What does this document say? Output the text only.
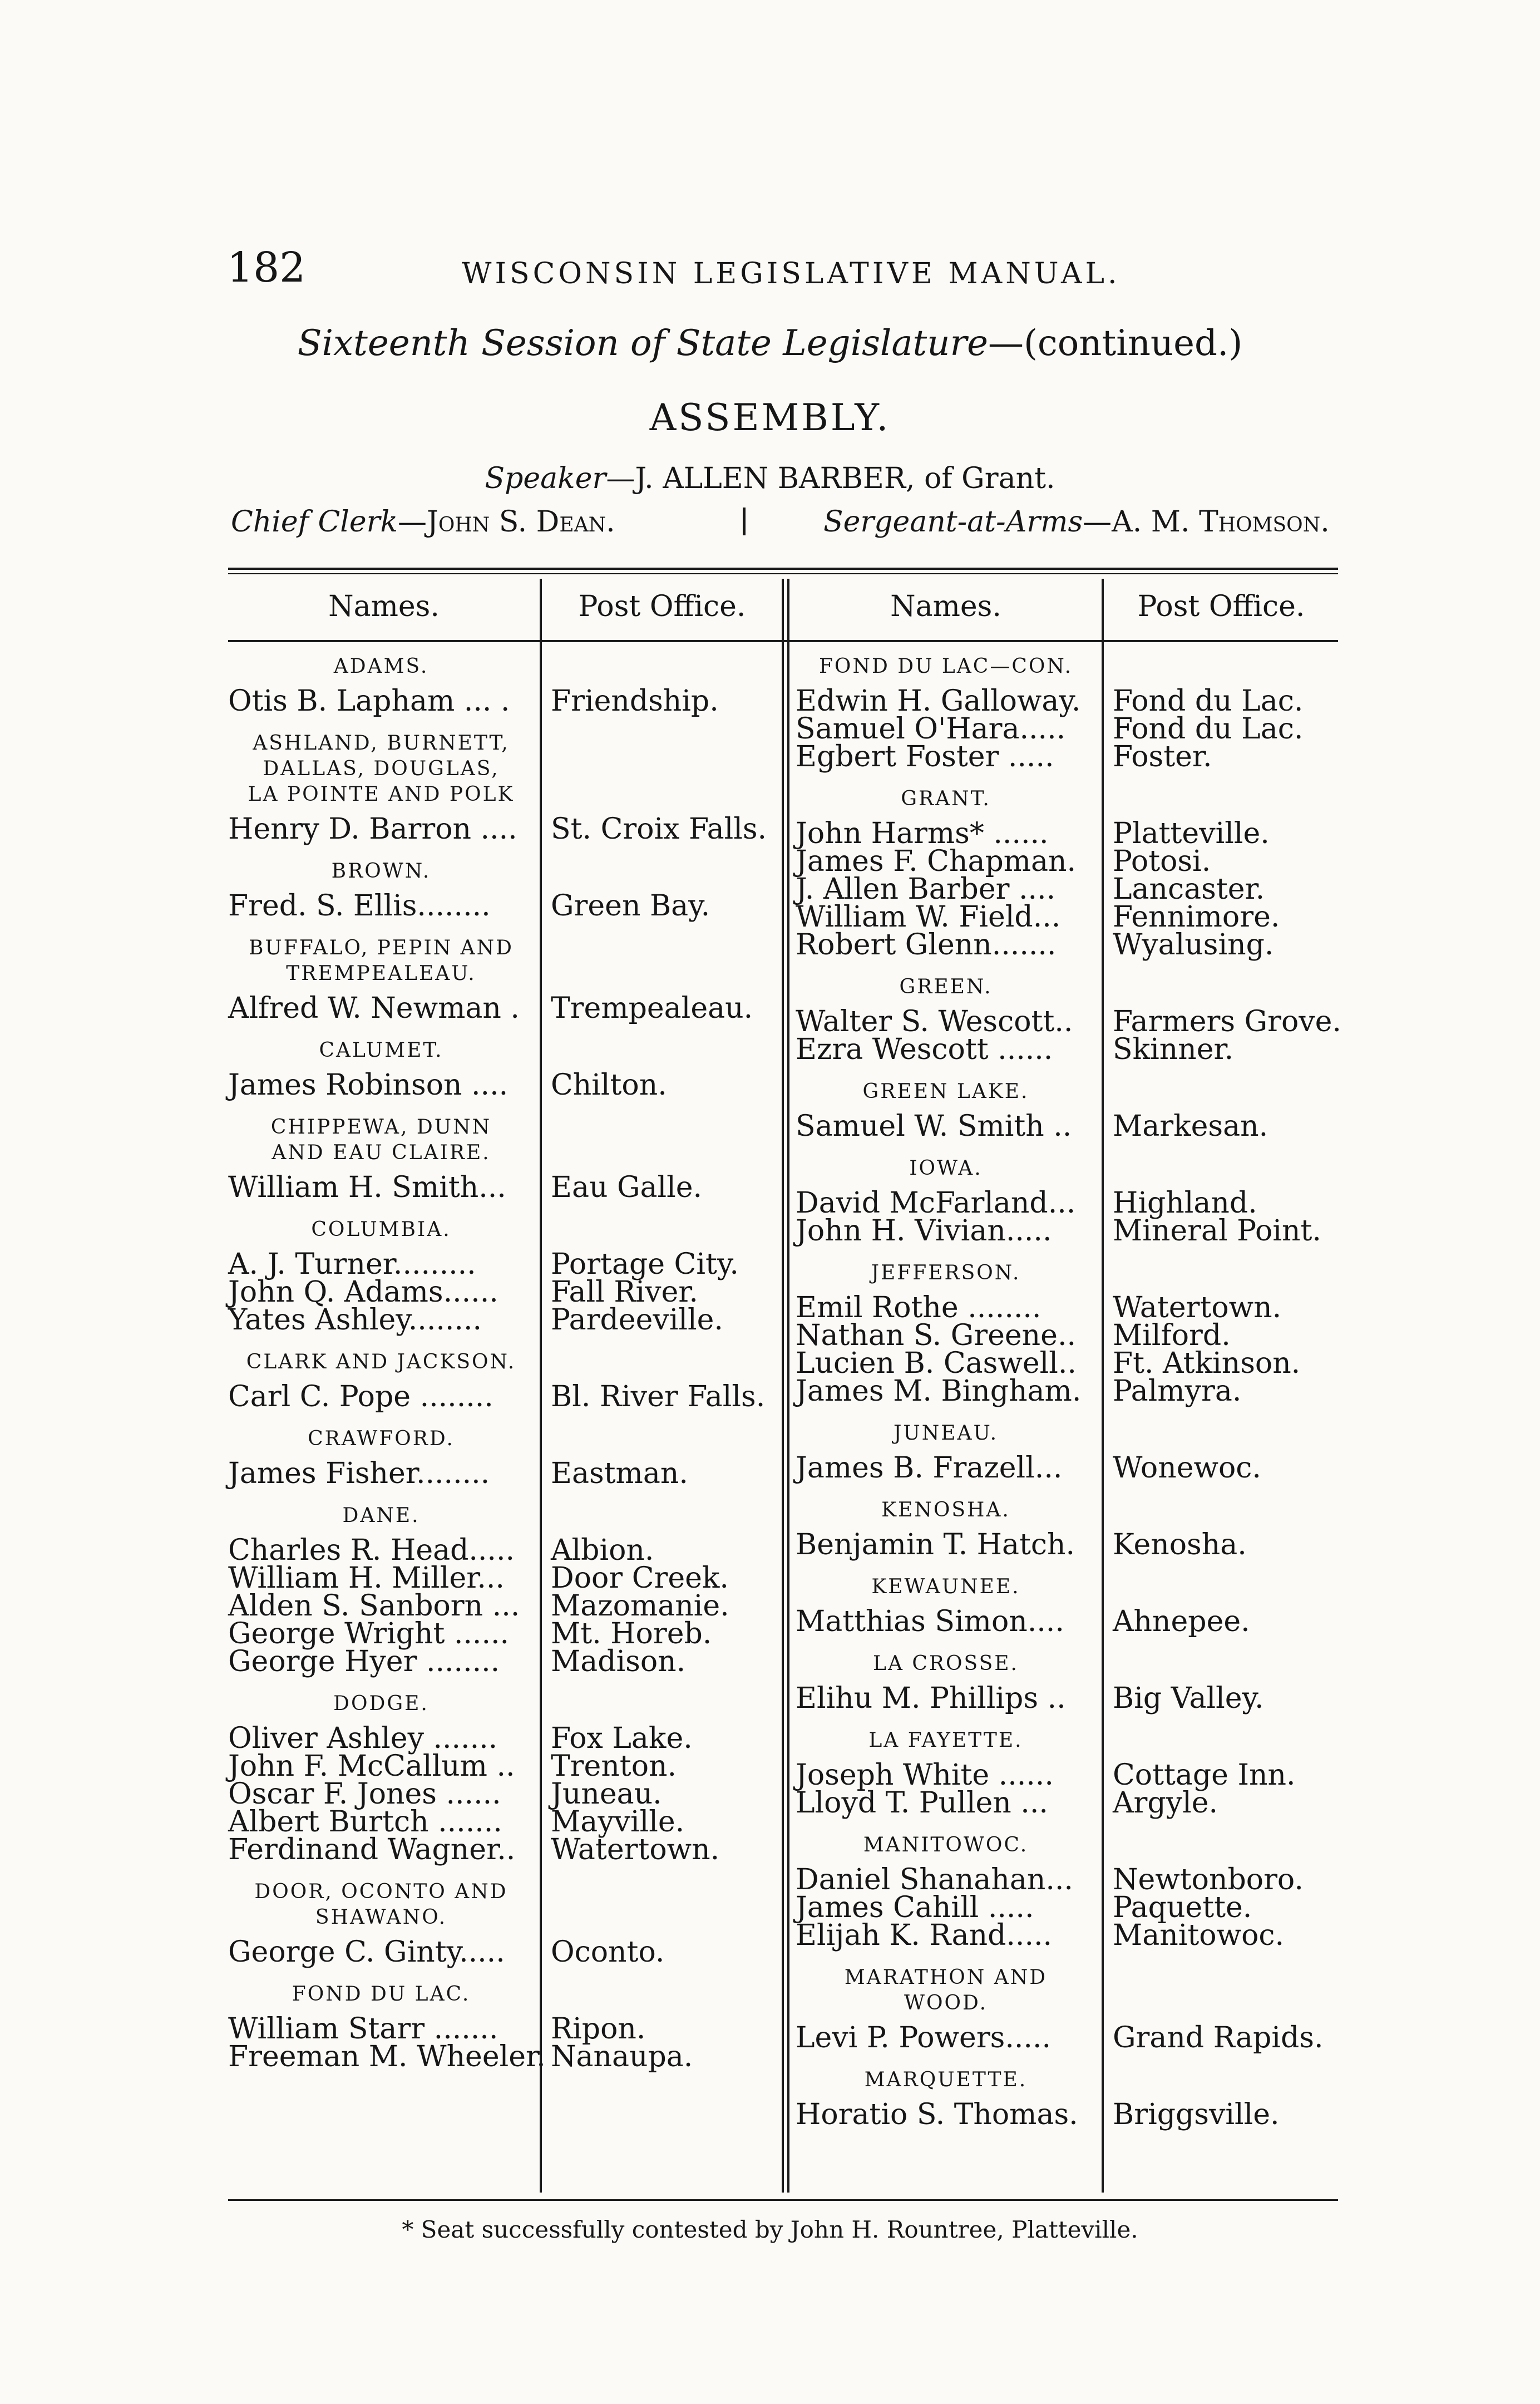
182	WISCONSIN LEGISLATIVE MANUAL.
Sixteenth Session of State Legislature—(continued.)
ASSEMBLY.
Speaker—J. ALLEN BARBER, of Grant.
Chief Clerk—John S. Dean.	Sergeant-at-Arms—A. M. Thomson.
Names.	Post Office.	Names.	Post Office.
ADAMS.
Otis B. Lapham ... . Friendship.
ASHLAND, BURNETT,
DALLAS, DOUGLAS,
LA POINTE AND POLK
Henry D. Barron .... St. Croix Falls.
BROWN.
Fred. S. Ellis........ Green Bay.
BUFFALO, PEPIN AND
TREMPEALEAU.
Alfred W. Newman . Trempealeau.
CALUMET.
James Robinson .... Chilton.
CHIPPEWA, DUNN
AND EAU CLAIRE.
William H. Smith... Eau Galle.
COLUMBIA.
A. J. Turner.........	Portage City.
John Q. Adams...... Fall River.
Yates Ashley........ Pardeeville.
CLARK AND JACKSON.
Carl C. Pope ........ Bl. River Falls.
CRAWFORD.
James Fisher........ Eastman.
DANE.
Charles R. Head..... Albion.
William H. Miller... Door Creek.
Alden S. Sanborn ... Mazomanie.
George Wright ...... Mt. Horeb.
George Hyer ........ Madison.
DODGE.
Oliver Ashley ....... Fox Lake.
John F. McCallum .. Trenton.
Oscar F. Jones ...... Juneau.
Albert Burtch ....... Mayville.
Ferdinand Wagner.. Watertown.
DOOR, OCONTO AND
SHAWANO.
George C. Ginty..... Oconto.
FOND DU LAC.
William Starr ....... Ripon.
Freeman M. Wheeler. Nanaupa.
FOND DU LAC—CON.
Edwin H. Galloway. Fond du Lac.
Samuel O'Hara..... Fond du Lac.
Egbert Foster ..... Foster.
GRANT.
John Harms* ...... Platteville.
James F. Chapman. Potosi.
J. Allen Barber .... Lancaster.
William W. Field... Fennimore.
Robert Glenn....... Wyalusing.
GREEN.
Walter S. Wescott.. Farmers Grove.
Ezra Wescott ...... Skinner.
GREEN LAKE.
Samuel W. Smith .. Markesan.
IOWA.
David McFarland... Highland.
John H. Vivian..... Mineral Point.
JEFFERSON.
Emil Rothe ........ Watertown.
Nathan S. Greene.. Milford.
Lucien B. Caswell.. Ft. Atkinson.
James M. Bingham. Palmyra.
JUNEAU.
James B. Frazell... Wonewoc.
KENOSHA.
Benjamin T. Hatch. Kenosha.
KEWAUNEE.
Matthias Simon.... Ahnepee.
LA CROSSE.
Elihu M. Phillips .. Big Valley.
LA FAYETTE.
Joseph White ...... Cottage Inn.
Lloyd T. Pullen ... Argyle.
MANITOWOC.
Daniel Shanahan... Newtonboro.
James Cahill .....	Paquette.
Elijah K. Rand..... Manitowoc.
MARATHON AND
WOOD.
Levi P. Powers..... Grand Rapids.
MARQUETTE.
Horatio S. Thomas. Briggsville.
* Seat successfully contested by John H. Rountree, Platteville.
